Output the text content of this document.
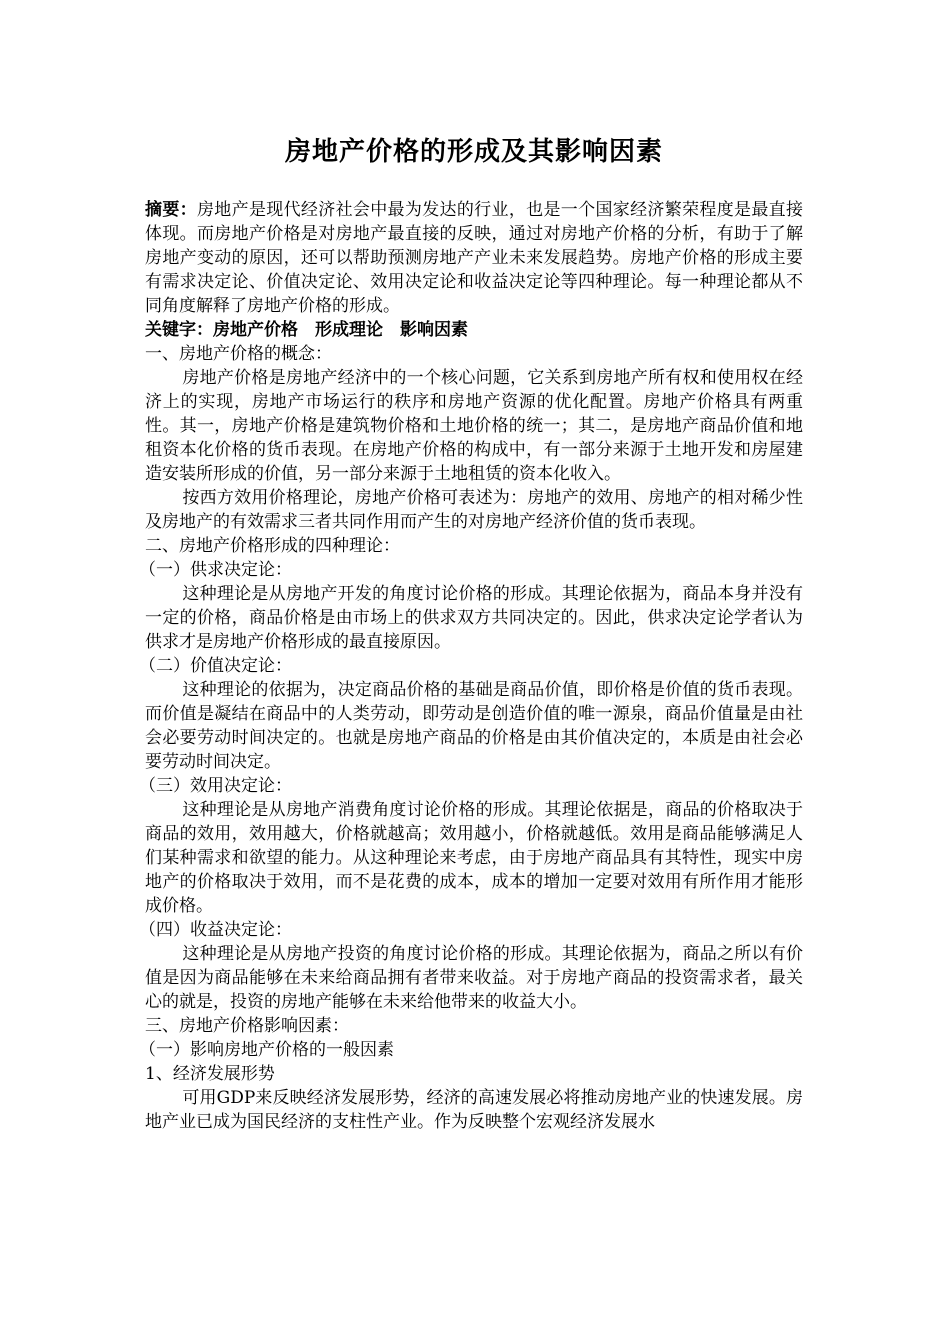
房地产价格的形成及其影响因素

摘要：房地产是现代经济社会中最为发达的行业，也是一个国家经济繁荣程度是最直接体现。而房地产价格是对房地产最直接的反映，通过对房地产价格的分析，有助于了解房地产变动的原因，还可以帮助预测房地产产业未来发展趋势。房地产价格的形成主要有需求决定论、价值决定论、效用决定论和收益决定论等四种理论。每一种理论都从不同角度解释了房地产价格的形成。

关键字：房地产价格　形成理论　影响因素

一、房地产价格的概念：

房地产价格是房地产经济中的一个核心问题，它关系到房地产所有权和使用权在经济上的实现，房地产市场运行的秩序和房地产资源的优化配置。房地产价格具有两重性。其一，房地产价格是建筑物价格和土地价格的统一；其二，是房地产商品价值和地租资本化价格的货币表现。在房地产价格的构成中，有一部分来源于土地开发和房屋建造安装所形成的价值，另一部分来源于土地租赁的资本化收入。

按西方效用价格理论，房地产价格可表述为：房地产的效用、房地产的相对稀少性及房地产的有效需求三者共同作用而产生的对房地产经济价值的货币表现。

二、房地产价格形成的四种理论：

（一）供求决定论：

这种理论是从房地产开发的角度讨论价格的形成。其理论依据为，商品本身并没有一定的价格，商品价格是由市场上的供求双方共同决定的。因此，供求决定论学者认为供求才是房地产价格形成的最直接原因。

（二）价值决定论：

这种理论的依据为，决定商品价格的基础是商品价值，即价格是价值的货币表现。而价值是凝结在商品中的人类劳动，即劳动是创造价值的唯一源泉，商品价值量是由社会必要劳动时间决定的。也就是房地产商品的价格是由其价值决定的，本质是由社会必要劳动时间决定。

（三）效用决定论：

这种理论是从房地产消费角度讨论价格的形成。其理论依据是，商品的价格取决于商品的效用，效用越大，价格就越高；效用越小，价格就越低。效用是商品能够满足人们某种需求和欲望的能力。从这种理论来考虑，由于房地产商品具有其特性，现实中房地产的价格取决于效用，而不是花费的成本，成本的增加一定要对效用有所作用才能形成价格。

（四）收益决定论：

这种理论是从房地产投资的角度讨论价格的形成。其理论依据为，商品之所以有价值是因为商品能够在未来给商品拥有者带来收益。对于房地产商品的投资需求者，最关心的就是，投资的房地产能够在未来给他带来的收益大小。

三、房地产价格影响因素：

（一）影响房地产价格的一般因素

1、经济发展形势

可用GDP来反映经济发展形势，经济的高速发展必将推动房地产业的快速发展。房地产业已成为国民经济的支柱性产业。作为反映整个宏观经济发展水
